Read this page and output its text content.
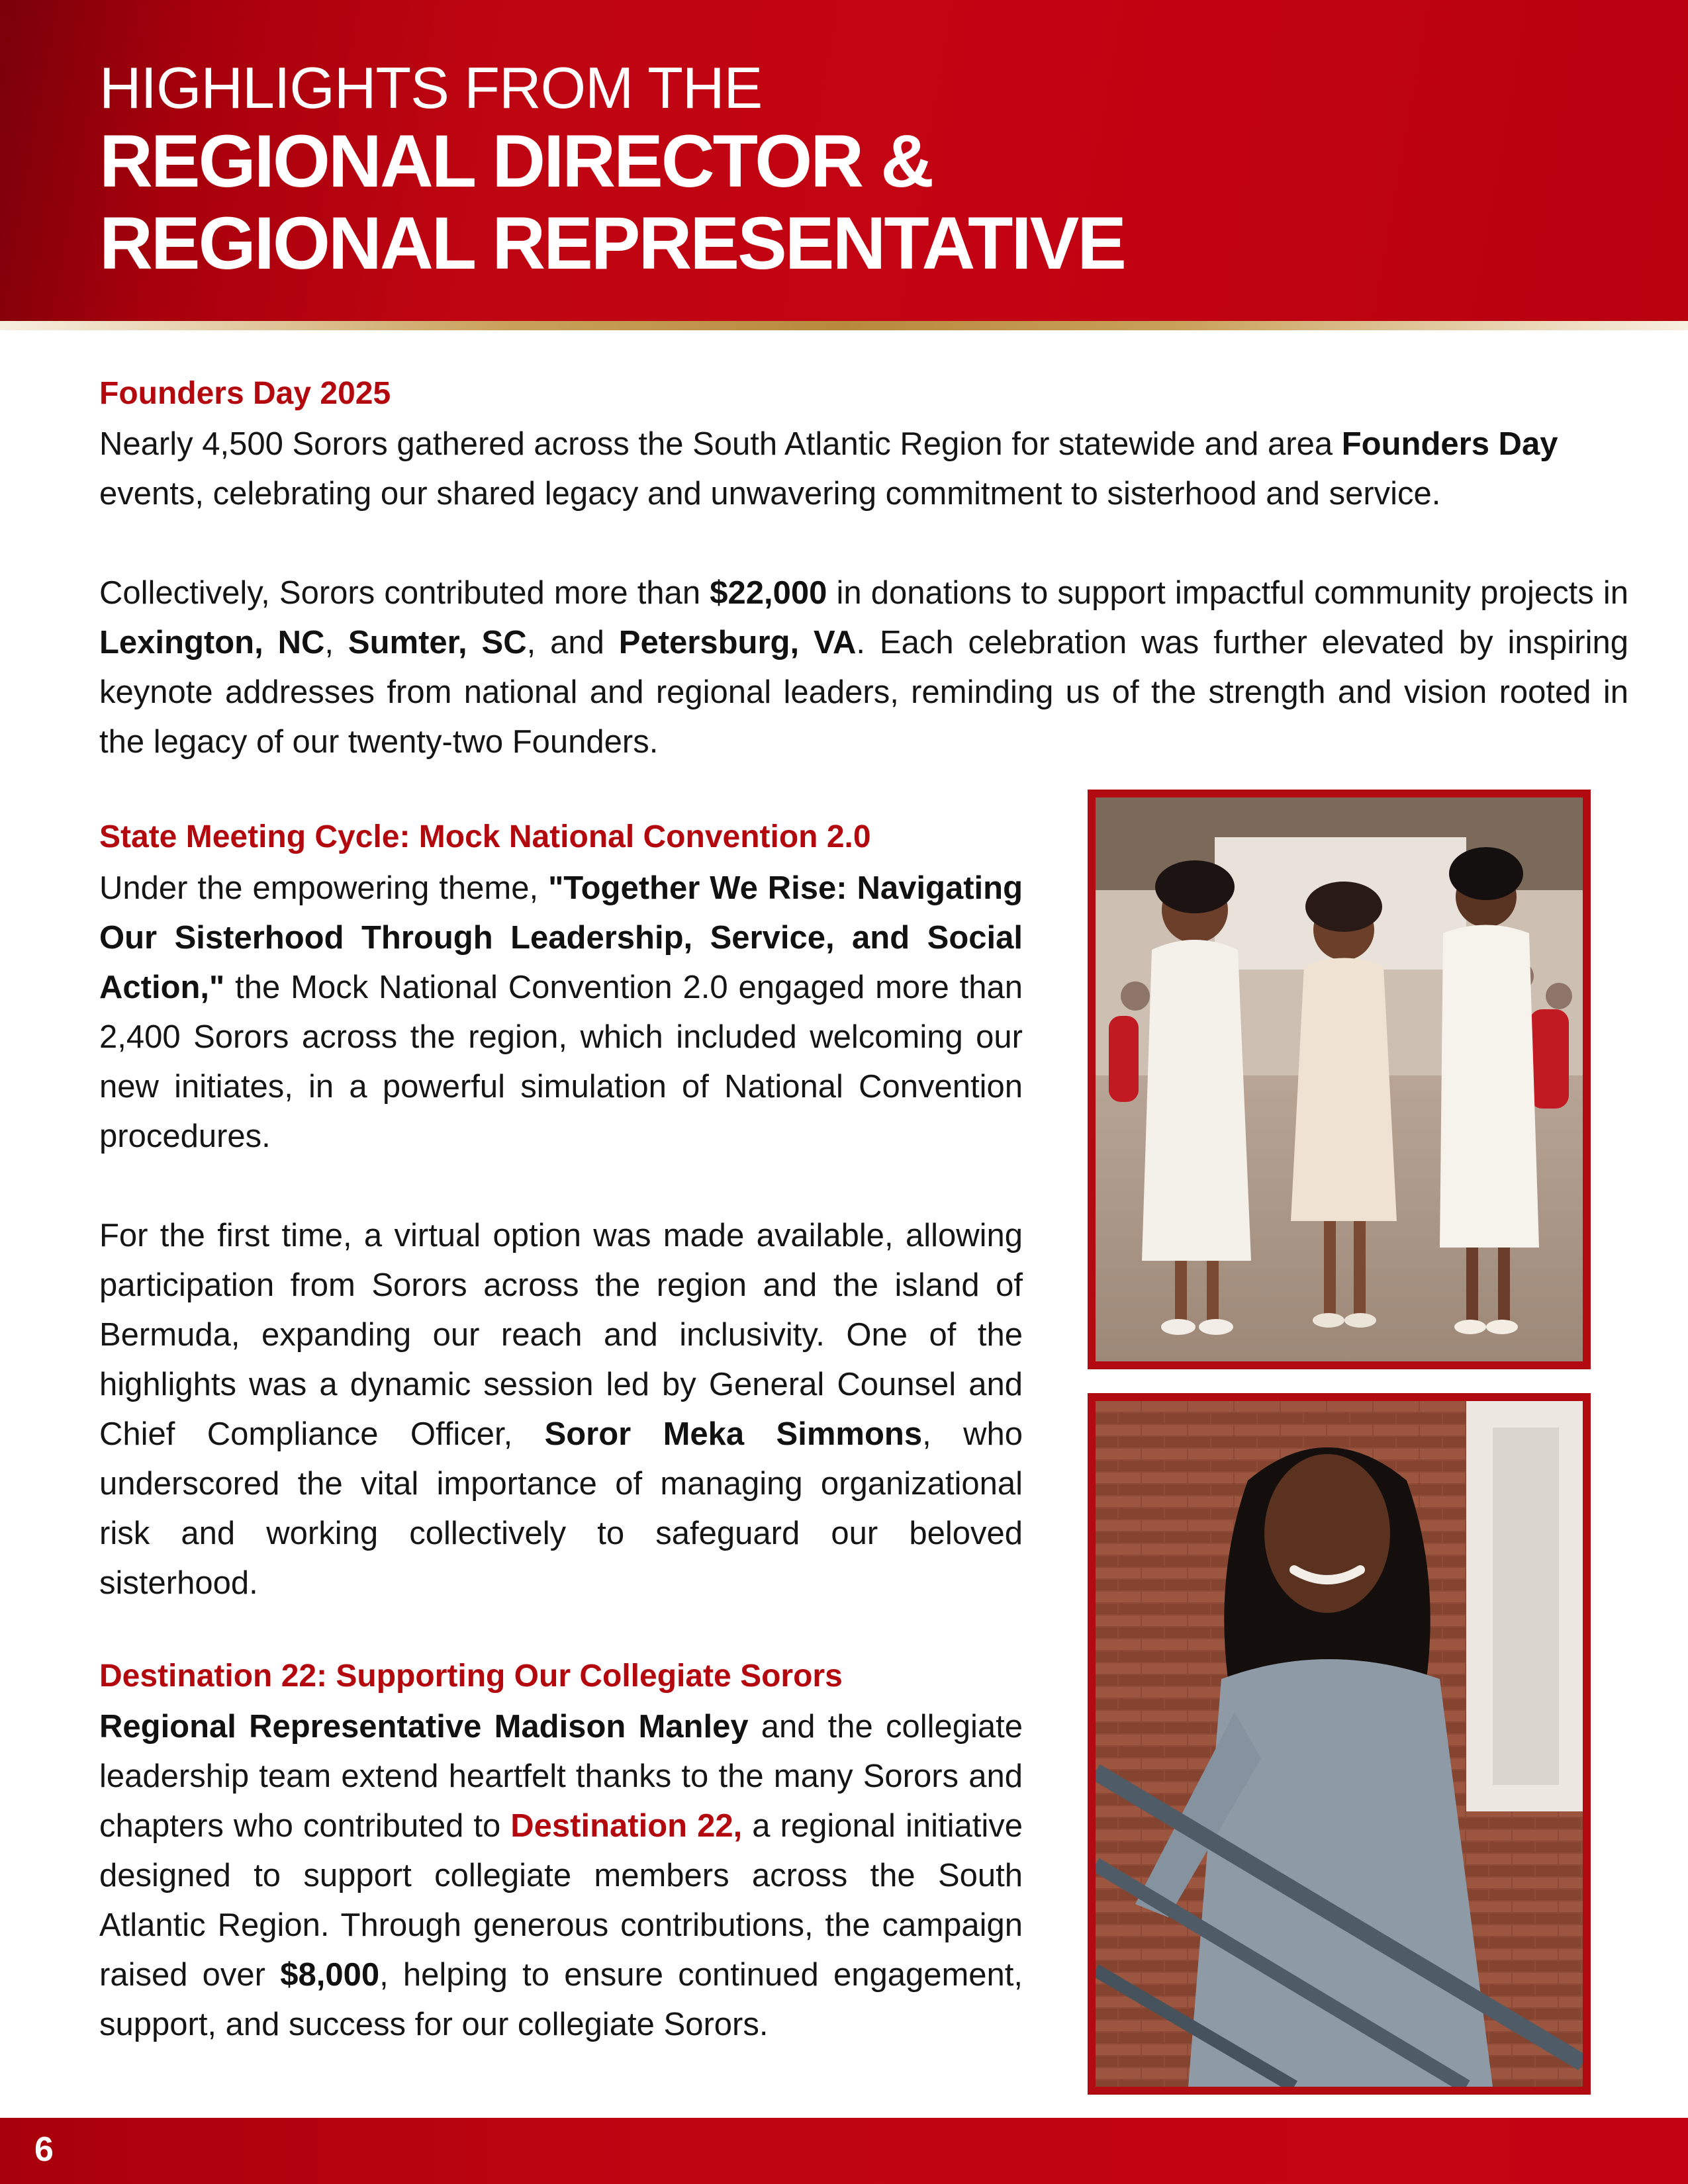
HIGHLIGHTS FROM THE
REGIONAL DIRECTOR &
REGIONAL REPRESENTATIVE
Founders Day 2025

Nearly 4,500 Sorors gathered across the South Atlantic Region for statewide and area Founders Day events, celebrating our shared legacy and unwavering commitment to sisterhood and service.

Collectively, Sorors contributed more than $22,000 in donations to support impactful community projects in Lexington, NC, Sumter, SC, and Petersburg, VA. Each celebration was further elevated by inspiring keynote addresses from national and regional leaders, reminding us of the strength and vision rooted in the legacy of our twenty-two Founders.

State Meeting Cycle: Mock National Convention 2.0

Under the empowering theme, "Together We Rise: Navigating Our Sisterhood Through Leadership, Service, and Social Action," the Mock National Convention 2.0 engaged more than 2,400 Sorors across the region, which included welcoming our new initiates, in a powerful simulation of National Convention procedures.

For the first time, a virtual option was made available, allowing participation from Sorors across the region and the island of Bermuda, expanding our reach and inclusivity. One of the highlights was a dynamic session led by General Counsel and Chief Compliance Officer, Soror Meka Simmons, who underscored the vital importance of managing organizational risk and working collectively to safeguard our beloved sisterhood.

Destination 22: Supporting Our Collegiate Sorors

Regional Representative Madison Manley and the collegiate leadership team extend heartfelt thanks to the many Sorors and chapters who contributed to Destination 22, a regional initiative designed to support collegiate members across the South Atlantic Region. Through generous contributions, the campaign raised over $8,000, helping to ensure continued engagement, support, and success for our collegiate Sorors.

6
